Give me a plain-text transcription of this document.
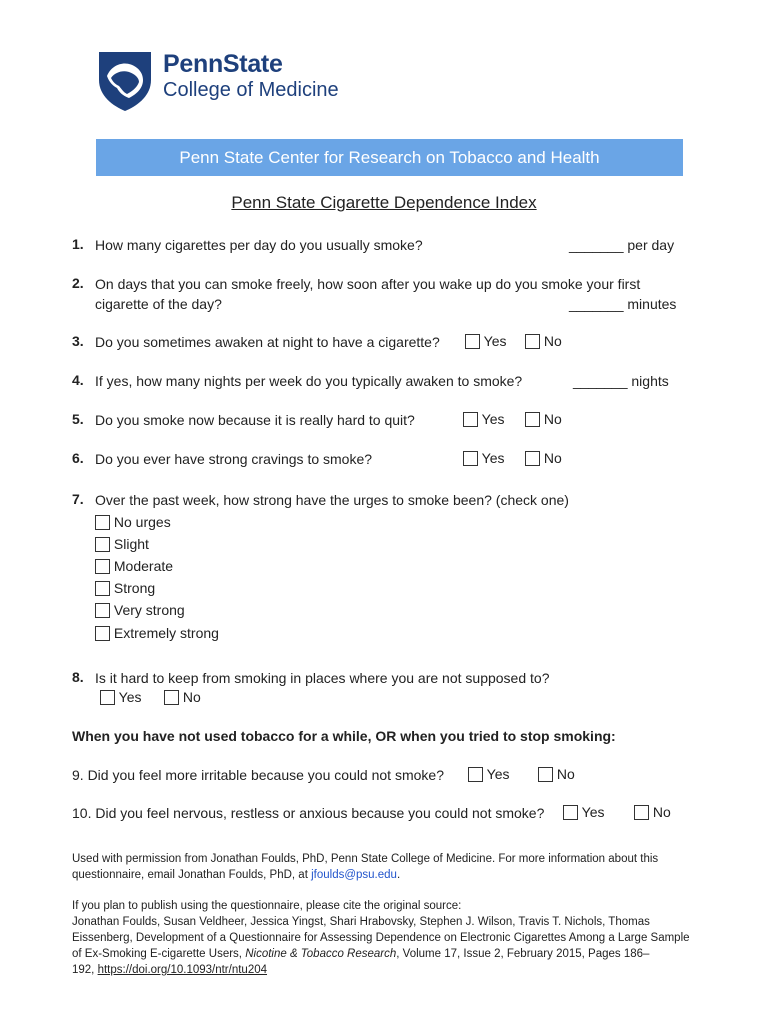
PennState
College of Medicine
Penn State Center for Research on Tobacco and Health
Penn State Cigarette Dependence Index
1. How many cigarettes per day do you usually smoke?	_______ per day
2. On days that you can smoke freely, how soon after you wake up do you smoke your first
cigarette of the day?	_______ minutes
3. Do you sometimes awaken at night to have a cigarette?	Yes	No
4. If yes, how many nights per week do you typically awaken to smoke?	_______ nights
5. Do you smoke now because it is really hard to quit?	Yes	No
6. Do you ever have strong cravings to smoke?	Yes	No
7. Over the past week, how strong have the urges to smoke been? (check one)
No urges
Slight
Moderate
Strong
Very strong
Extremely strong
8. Is it hard to keep from smoking in places where you are not supposed to?
Yes	No
When you have not used tobacco for a while, OR when you tried to stop smoking:
9. Did you feel more irritable because you could not smoke?	Yes	No
10. Did you feel nervous, restless or anxious because you could not smoke?	Yes	No
Used with permission from Jonathan Foulds, PhD, Penn State College of Medicine. For more information about this
questionnaire, email Jonathan Foulds, PhD, at jfoulds@psu.edu.
If you plan to publish using the questionnaire, please cite the original source:
Jonathan Foulds, Susan Veldheer, Jessica Yingst, Shari Hrabovsky, Stephen J. Wilson, Travis T. Nichols, Thomas
Eissenberg, Development of a Questionnaire for Assessing Dependence on Electronic Cigarettes Among a Large Sample
of Ex-Smoking E-cigarette Users, Nicotine & Tobacco Research, Volume 17, Issue 2, February 2015, Pages 186–
192, https://doi.org/10.1093/ntr/ntu204
